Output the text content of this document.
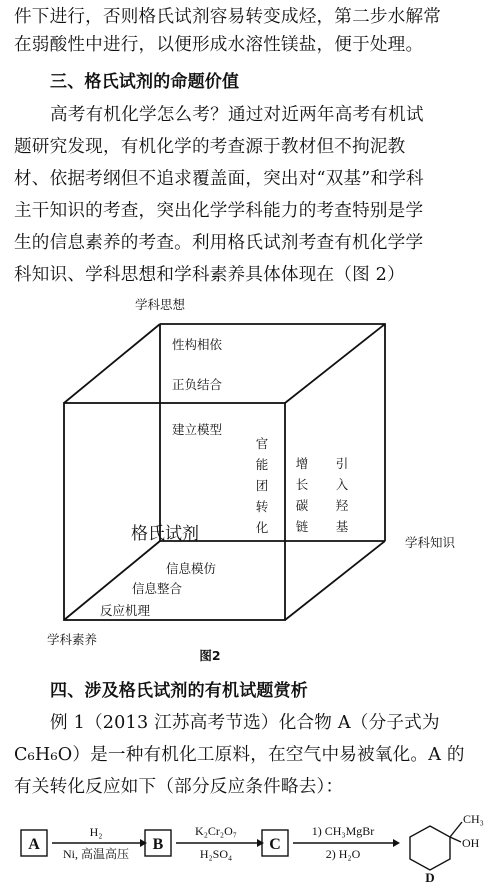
件下进行，否则格氏试剂容易转变成烃，第二步水解常
在弱酸性中进行，以便形成水溶性镁盐，便于处理。
三、格氏试剂的命题价值
高考有机化学怎么考？通过对近两年高考有机试
题研究发现，有机化学的考查源于教材但不拘泥教
材、依据考纲但不追求覆盖面，突出对“双基”和学科
主干知识的考查，突出化学学科能力的考查特别是学
生的信息素养的考查。利用格氏试剂考查有机化学学
科知识、学科思想和学科素养具体体现在（图 2）
学科思想
学科知识
学科素养
性构相依
正负结合
建立模型
官能团转化
增长碳链
引入羟基
信息模仿
信息整合
反应机理
图2
格氏试剂
四、涉及格氏试剂的有机试题赏析
例 1（2013 江苏高考节选）化合物 A（分子式为
C₆H₆O）是一种有机化工原料，在空气中易被氧化。A 的
有关转化反应如下（部分反应条件略去）：
A	B	C
H₂
Ni, 高温高压
K₂Cr₂O₇
H₂SO₄
1) CH₃MgBr
2) H₂O
CH₃
OH
D
